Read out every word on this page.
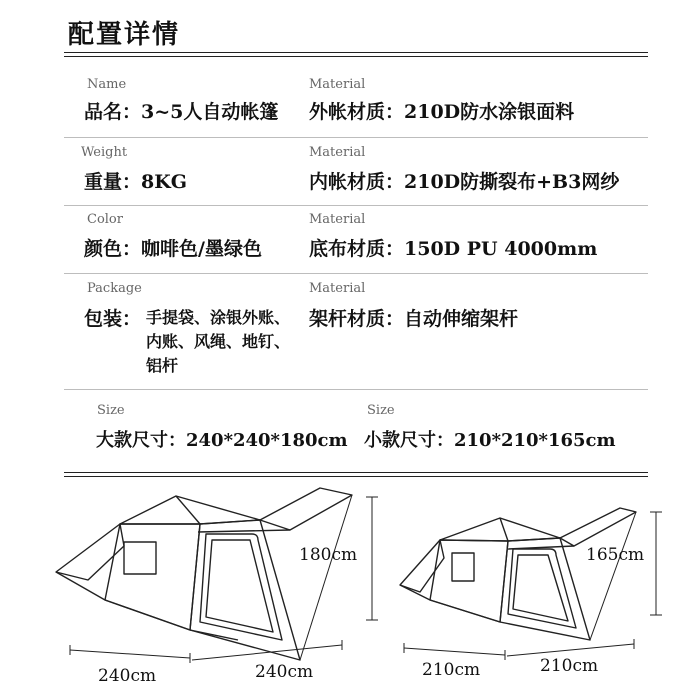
配置详情
Name
品名：3~5人自动帐篷
Material
外帐材质：210D防水涂银面料
Weight
重量：8KG
Material
内帐材质：210D防撕裂布+B3网纱
Color
颜色：咖啡色/墨绿色
Material
底布材质：150D PU 4000mm
Package
包装： 手提袋、涂银外账、
内账、风绳、地钉、
铝杆
Material
架杆材质：自动伸缩架杆
Size
大款尺寸：240*240*180cm
Size
小款尺寸：210*210*165cm
180cm
240cm	240cm
165cm
210cm	210cm
